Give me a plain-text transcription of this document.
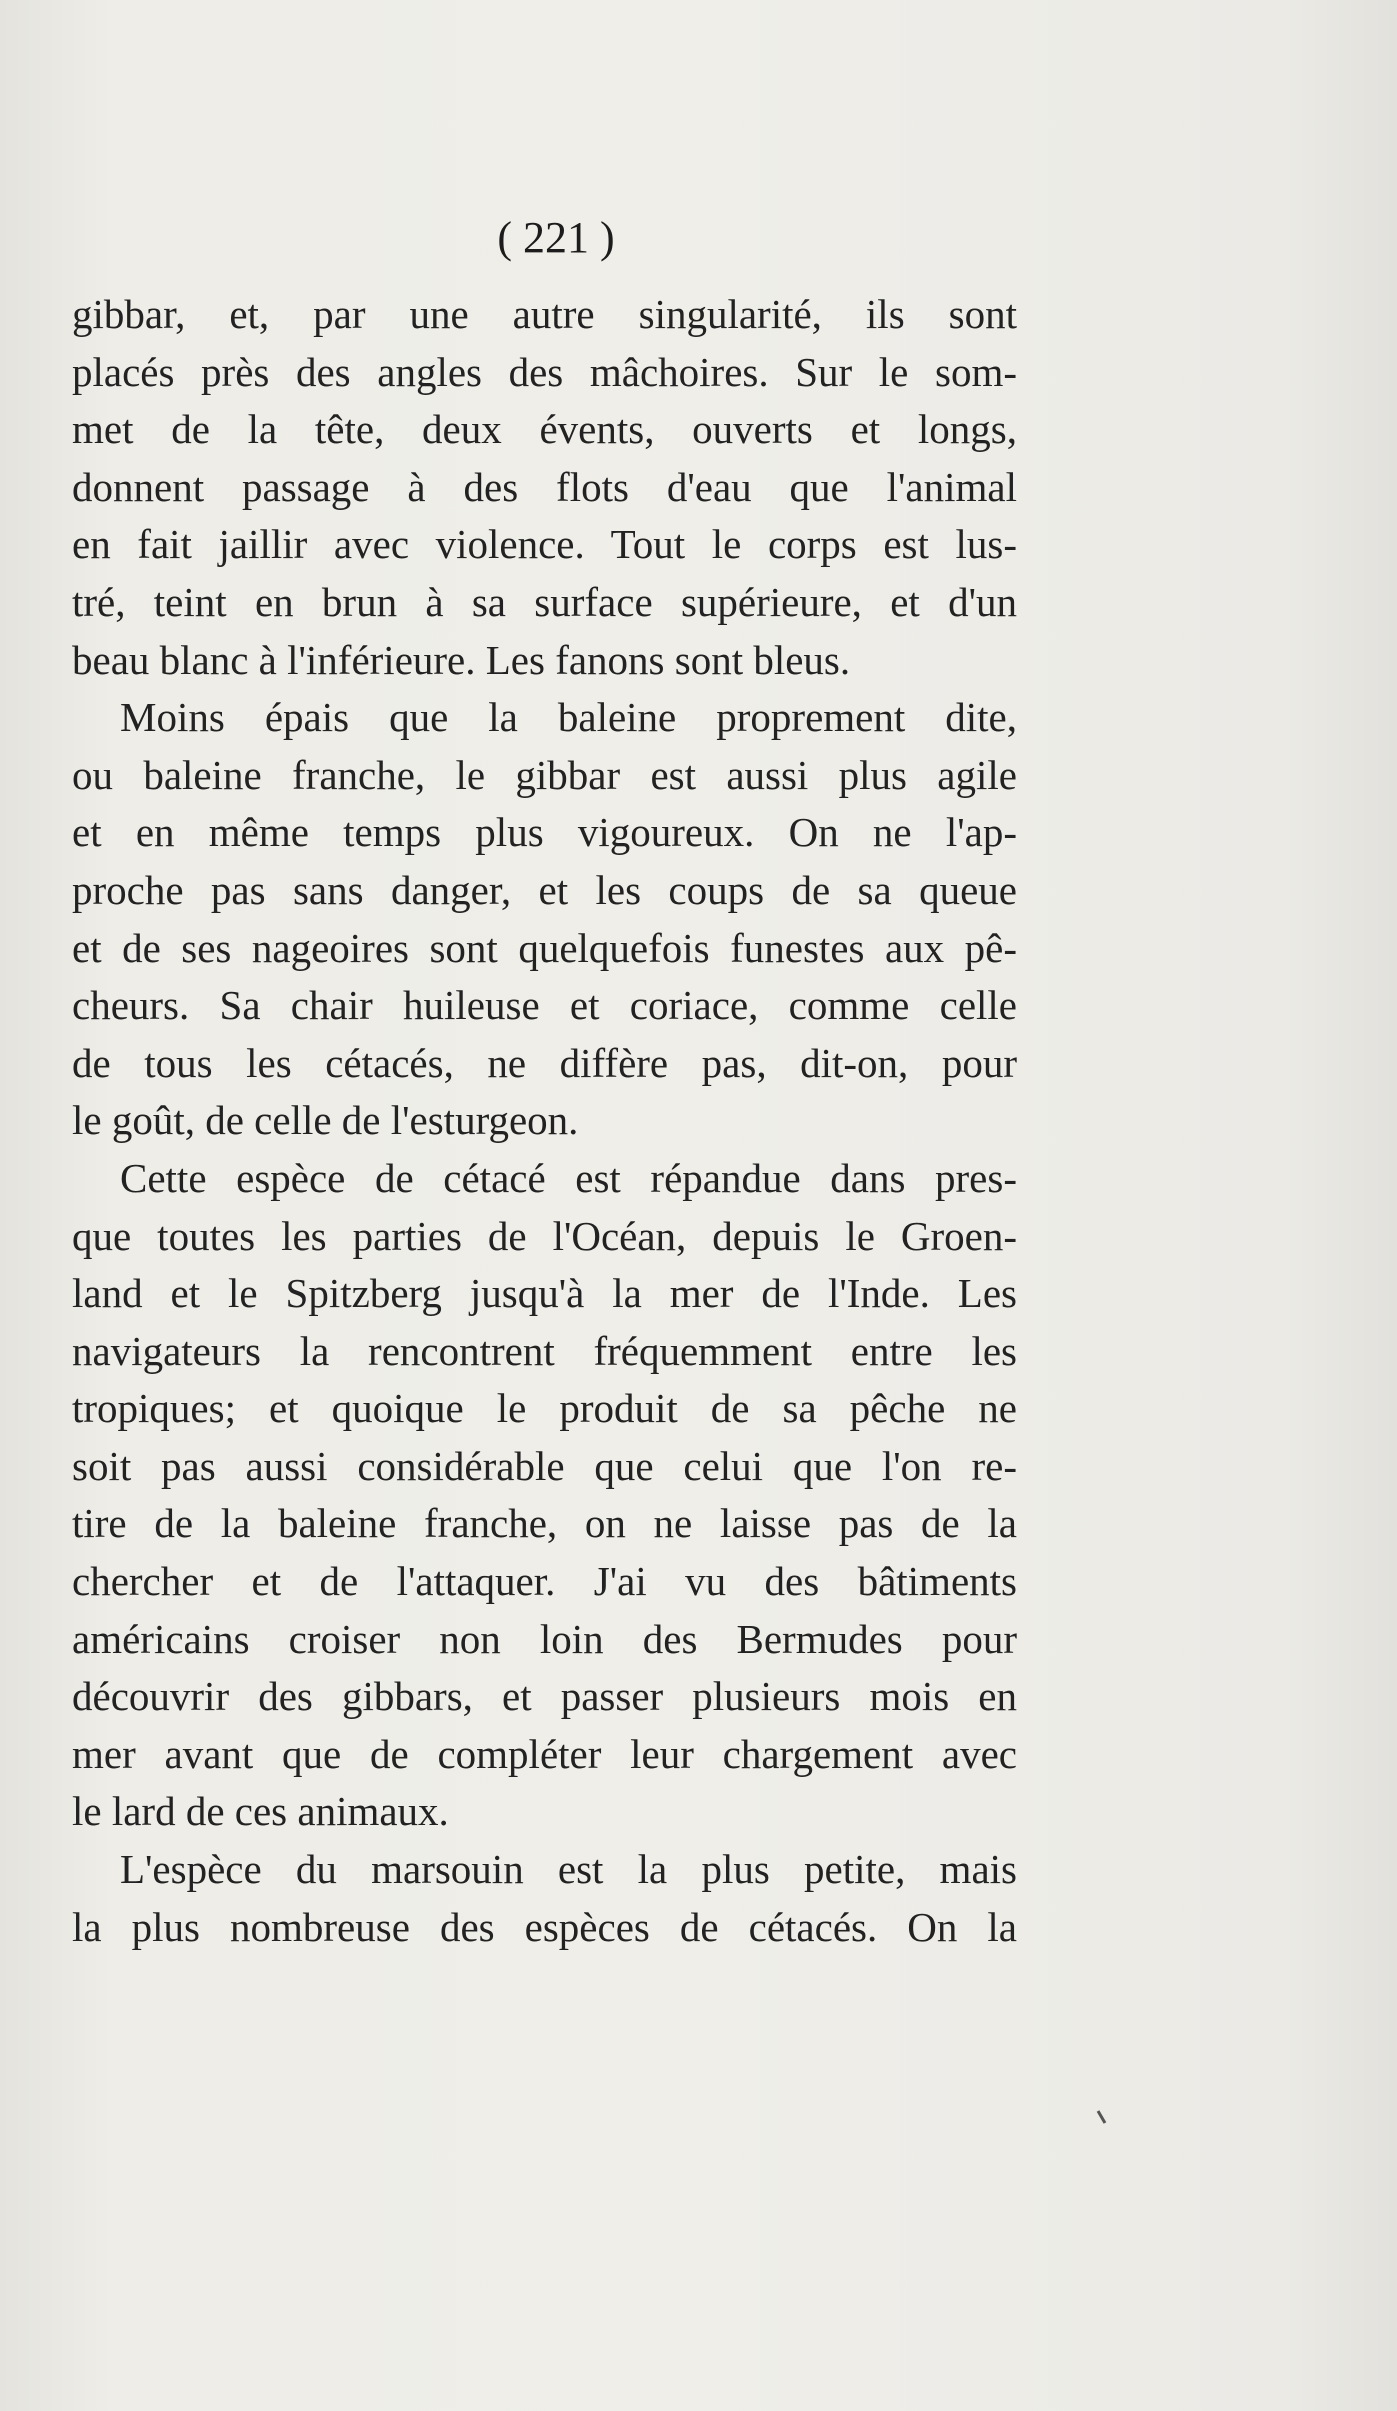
( 221 )
gibbar, et, par une autre singularité, ils sont
placés près des angles des mâchoires. Sur le som-
met de la tête, deux évents, ouverts et longs,
donnent passage à des flots d'eau que l'animal
en fait jaillir avec violence. Tout le corps est lus-
tré, teint en brun à sa surface supérieure, et d'un
beau blanc à l'inférieure. Les fanons sont bleus.
Moins épais que la baleine proprement dite,
ou baleine franche, le gibbar est aussi plus agile
et en même temps plus vigoureux. On ne l'ap-
proche pas sans danger, et les coups de sa queue
et de ses nageoires sont quelquefois funestes aux pê-
cheurs. Sa chair huileuse et coriace, comme celle
de tous les cétacés, ne diffère pas, dit-on, pour
le goût, de celle de l'esturgeon.
Cette espèce de cétacé est répandue dans pres-
que toutes les parties de l'Océan, depuis le Groen-
land et le Spitzberg jusqu'à la mer de l'Inde. Les
navigateurs la rencontrent fréquemment entre les
tropiques; et quoique le produit de sa pêche ne
soit pas aussi considérable que celui que l'on re-
tire de la baleine franche, on ne laisse pas de la
chercher et de l'attaquer. J'ai vu des bâtiments
américains croiser non loin des Bermudes pour
découvrir des gibbars, et passer plusieurs mois en
mer avant que de compléter leur chargement avec
le lard de ces animaux.
L'espèce du marsouin est la plus petite, mais
la plus nombreuse des espèces de cétacés. On la
